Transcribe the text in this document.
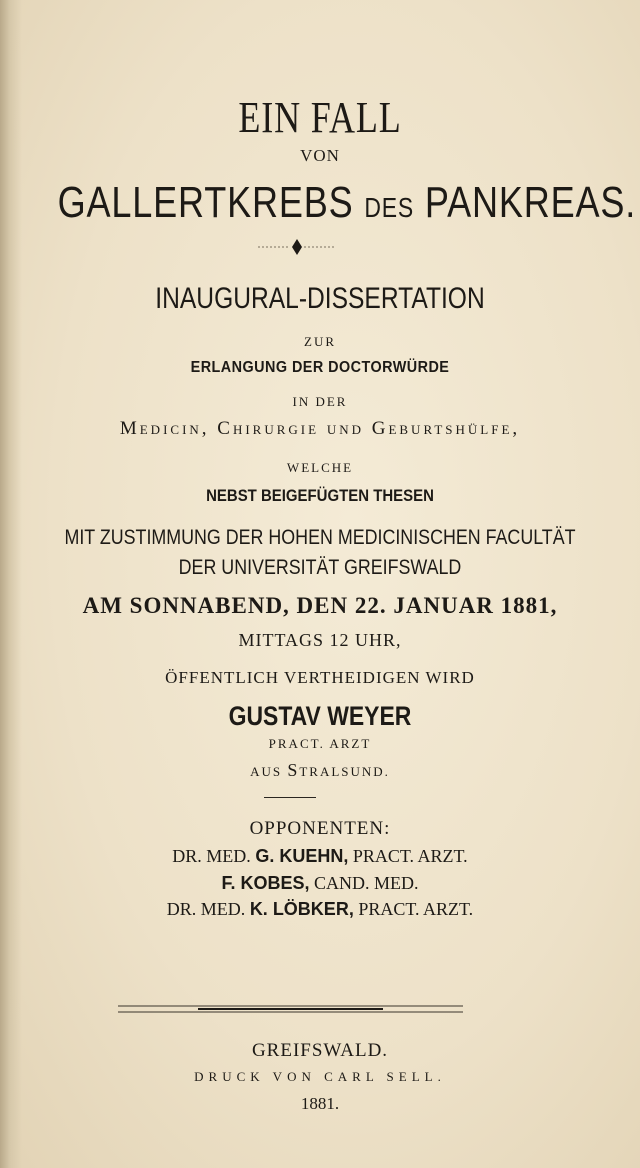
EIN FALL
VON
GALLERTKREBS DES PANKREAS.
INAUGURAL-DISSERTATION
ZUR
ERLANGUNG DER DOCTORWÜRDE
IN DER
Medicin, Chirurgie und Geburtshülfe,
WELCHE
NEBST BEIGEFÜGTEN THESEN
MIT ZUSTIMMUNG DER HOHEN MEDICINISCHEN FACULTÄT
DER UNIVERSITÄT GREIFSWALD
AM SONNABEND, DEN 22. JANUAR 1881,
MITTAGS 12 UHR,
ÖFFENTLICH VERTHEIDIGEN WIRD
GUSTAV WEYER
PRACT. ARZT
AUS STRALSUND.
OPPONENTEN:
DR. MED. G. KUEHN, PRACT. ARZT.
F. KOBES, CAND. MED.
DR. MED. K. LÖBKER, PRACT. ARZT.
GREIFSWALD.
DRUCK VON CARL SELL.
1881.
